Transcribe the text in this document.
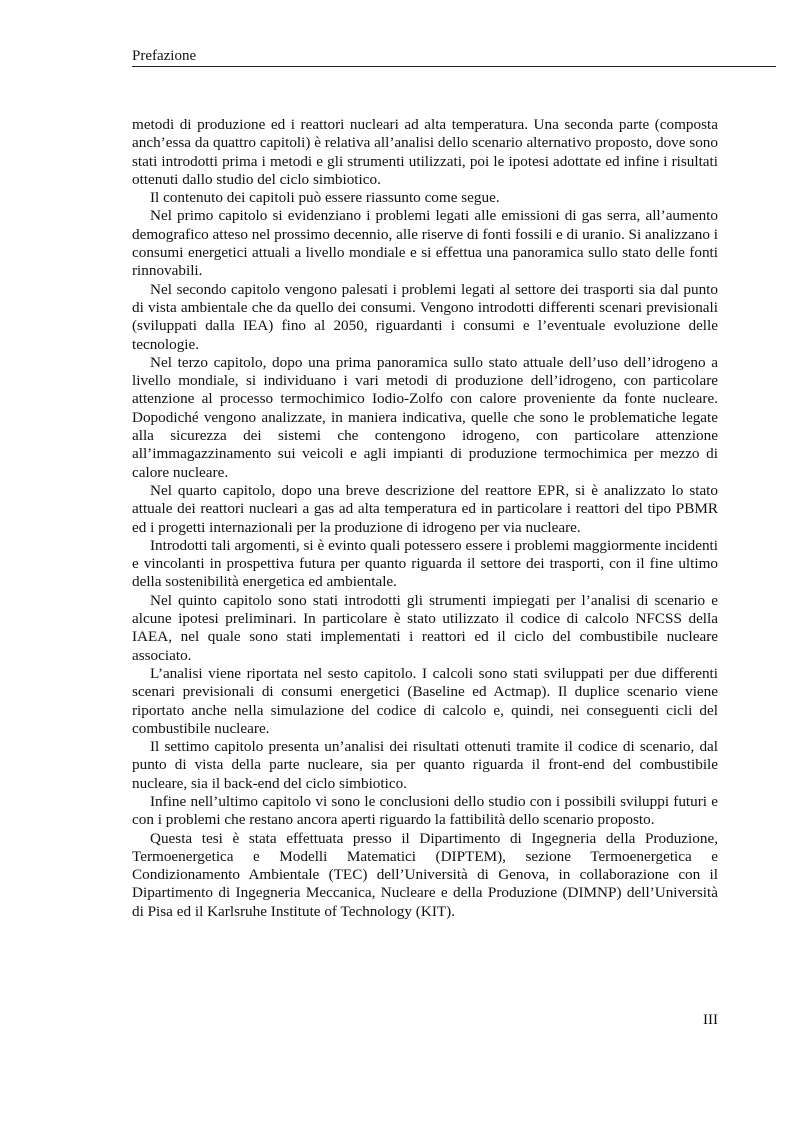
Prefazione

metodi di produzione ed i reattori nucleari ad alta temperatura. Una seconda parte (composta anch’essa da quattro capitoli) è relativa all’analisi dello scenario alternativo proposto, dove sono stati introdotti prima i metodi e gli strumenti utilizzati, poi le ipotesi adottate ed infine i risultati ottenuti dallo studio del ciclo simbiotico.

Il contenuto dei capitoli può essere riassunto come segue.

Nel primo capitolo si evidenziano i problemi legati alle emissioni di gas serra, all’aumento demografico atteso nel prossimo decennio, alle riserve di fonti fossili e di uranio. Si analizzano i consumi energetici attuali a livello mondiale e si effettua una panoramica sullo stato delle fonti rinnovabili.

Nel secondo capitolo vengono palesati i problemi legati al settore dei trasporti sia dal punto di vista ambientale che da quello dei consumi. Vengono introdotti differenti scenari previsionali (sviluppati dalla IEA) fino al 2050, riguardanti i consumi e l’eventuale evoluzione delle tecnologie.

Nel terzo capitolo, dopo una prima panoramica sullo stato attuale dell’uso dell’idrogeno a livello mondiale, si individuano i vari metodi di produzione dell’idrogeno, con particolare attenzione al processo termochimico Iodio-Zolfo con calore proveniente da fonte nucleare. Dopodiché vengono analizzate, in maniera indicativa, quelle che sono le problematiche legate alla sicurezza dei sistemi che contengono idrogeno, con particolare attenzione all’immagazzinamento sui veicoli e agli impianti di produzione termochimica per mezzo di calore nucleare.

Nel quarto capitolo, dopo una breve descrizione del reattore EPR, si è analizzato lo stato attuale dei reattori nucleari a gas ad alta temperatura ed in particolare i reattori del tipo PBMR ed i progetti internazionali per la produzione di idrogeno per via nucleare.

Introdotti tali argomenti, si è evinto quali potessero essere i problemi maggiormente incidenti e vincolanti in prospettiva futura per quanto riguarda il settore dei trasporti, con il fine ultimo della sostenibilità energetica ed ambientale.

Nel quinto capitolo sono stati introdotti gli strumenti impiegati per l’analisi di scenario e alcune ipotesi preliminari. In particolare è stato utilizzato il codice di calcolo NFCSS della IAEA, nel quale sono stati implementati i reattori ed il ciclo del combustibile nucleare associato.

L’analisi viene riportata nel sesto capitolo. I calcoli sono stati sviluppati per due differenti scenari previsionali di consumi energetici (Baseline ed Actmap). Il duplice scenario viene riportato anche nella simulazione del codice di calcolo e, quindi, nei conseguenti cicli del combustibile nucleare.

Il settimo capitolo presenta un’analisi dei risultati ottenuti tramite il codice di scenario, dal punto di vista della parte nucleare, sia per quanto riguarda il front-end del combustibile nucleare, sia il back-end del ciclo simbiotico.

Infine nell’ultimo capitolo vi sono le conclusioni dello studio con i possibili sviluppi futuri e con i problemi che restano ancora aperti riguardo la fattibilità dello scenario proposto.

Questa tesi è stata effettuata presso il Dipartimento di Ingegneria della Produzione, Termoenergetica e Modelli Matematici (DIPTEM), sezione Termoenergetica e Condizionamento Ambientale (TEC) dell’Università di Genova, in collaborazione con il Dipartimento di Ingegneria Meccanica, Nucleare e della Produzione (DIMNP) dell’Università di Pisa ed il Karlsruhe Institute of Technology (KIT).

III
